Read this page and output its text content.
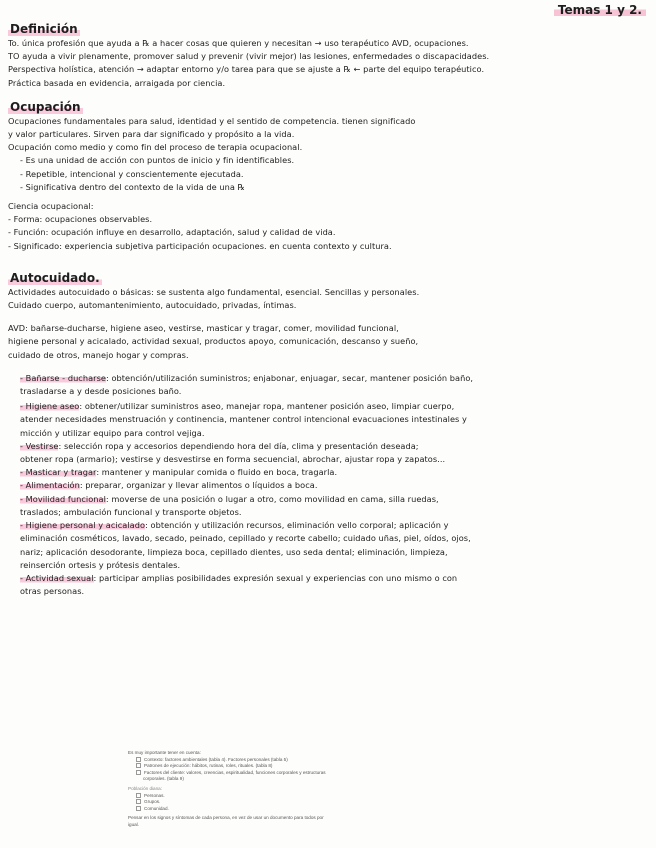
Temas 1 y 2.
Definición

To. única profesión que ayuda a ℞ a hacer cosas que quieren y necesitan → uso terapéutico AVD, ocupaciones.

TO ayuda a vivir plenamente, promover salud y prevenir (vivir mejor) las lesiones, enfermedades o discapacidades.

Perspectiva holística, atención → adaptar entorno y/o tarea para que se ajuste a ℞ ← parte del equipo terapéutico.

Práctica basada en evidencia, arraigada por ciencia.

Ocupación

Ocupaciones fundamentales para salud, identidad y el sentido de competencia. tienen significado

y valor particulares. Sirven para dar significado y propósito a la vida.

Ocupación como medio y como fin del proceso de terapia ocupacional.

- Es una unidad de acción con puntos de inicio y fin identificables.

- Repetible, intencional y conscientemente ejecutada.

- Significativa dentro del contexto de la vida de una ℞

Ciencia ocupacional:

- Forma: ocupaciones observables.

- Función: ocupación influye en desarrollo, adaptación, salud y calidad de vida.

- Significado: experiencia subjetiva participación ocupaciones. en cuenta contexto y cultura.

Autocuidado.

Actividades autocuidado o básicas: se sustenta algo fundamental, esencial. Sencillas y personales.

Cuidado cuerpo, automantenimiento, autocuidado, privadas, íntimas.

AVD: bañarse-ducharse, higiene aseo, vestirse, masticar y tragar, comer, movilidad funcional,

higiene personal y acicalado, actividad sexual, productos apoyo, comunicación, descanso y sueño,

cuidado de otros, manejo hogar y compras.

- Bañarse - ducharse: obtención/utilización suministros; enjabonar, enjuagar, secar, mantener posición baño,

trasladarse a y desde posiciones baño.

- Higiene aseo: obtener/utilizar suministros aseo, manejar ropa, mantener posición aseo, limpiar cuerpo,

atender necesidades menstruación y continencia, mantener control intencional evacuaciones intestinales y

micción y utilizar equipo para control vejiga.

- Vestirse: selección ropa y accesorios dependiendo hora del día, clima y presentación deseada;

obtener ropa (armario); vestirse y desvestirse en forma secuencial, abrochar, ajustar ropa y zapatos...

- Masticar y tragar: mantener y manipular comida o fluido en boca, tragarla.

- Alimentación: preparar, organizar y llevar alimentos o líquidos a boca.

- Movilidad funcional: moverse de una posición o lugar a otro, como movilidad en cama, silla ruedas,

traslados; ambulación funcional y transporte objetos.

- Higiene personal y acicalado: obtención y utilización recursos, eliminación vello corporal; aplicación y

eliminación cosméticos, lavado, secado, peinado, cepillado y recorte cabello; cuidado uñas, piel, oídos, ojos,

nariz; aplicación desodorante, limpieza boca, cepillado dientes, uso seda dental; eliminación, limpieza,

reinserción ortesis y prótesis dentales.

- Actividad sexual: participar amplias posibilidades expresión sexual y experiencias con uno mismo o con

otras personas.

Es muy importante tener en cuenta:

Contexto: factores ambientales (tabla 4). Factores personales (tabla 5)

Patrones de ejecución: hábitos, rutinas, roles, rituales. (tabla 8)

Factores del cliente: valores, creencias, espiritualidad, funciones corporales y estructuras

corporales. (tabla 9)

Población diana:

Personas.

Grupos.

Comunidad.

Pensar en los signos y síntomas de cada persona, en vez de usar un documento para todos por

igual.
